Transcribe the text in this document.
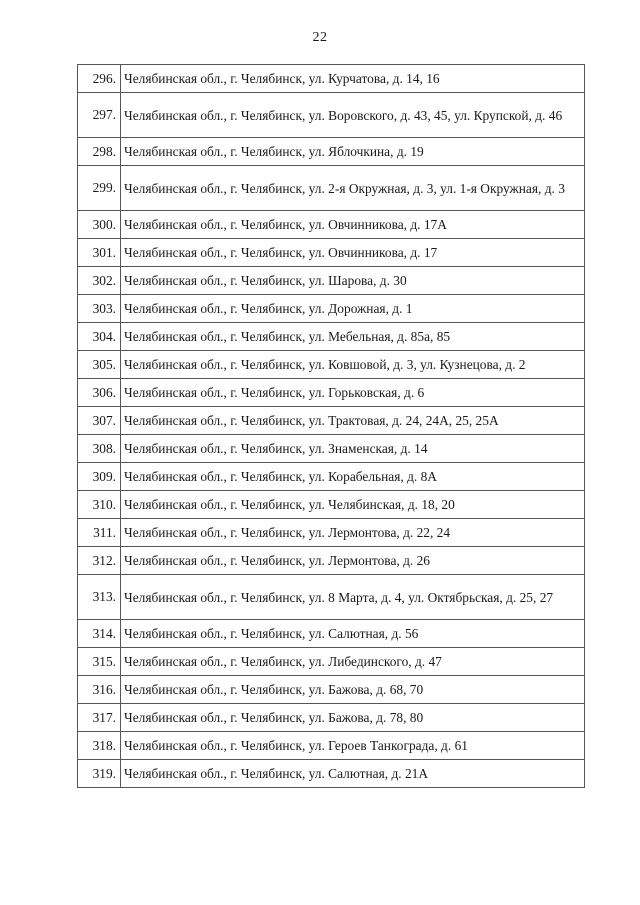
22
296.	Челябинская обл., г. Челябинск, ул. Курчатова, д. 14, 16
297.	Челябинская обл., г. Челябинск, ул. Воровского, д. 43, 45, ул. Крупской, д. 46
298.	Челябинская обл., г. Челябинск, ул. Яблочкина, д. 19
299.	Челябинская обл., г. Челябинск, ул. 2-я Окружная, д. 3, ул. 1-я Окружная, д. 3
300.	Челябинская обл., г. Челябинск, ул. Овчинникова, д. 17А
301.	Челябинская обл., г. Челябинск, ул. Овчинникова, д. 17
302.	Челябинская обл., г. Челябинск, ул. Шарова, д. 30
303.	Челябинская обл., г. Челябинск, ул. Дорожная, д. 1
304.	Челябинская обл., г. Челябинск, ул. Мебельная, д. 85а, 85
305.	Челябинская обл., г. Челябинск, ул. Ковшовой, д. 3, ул. Кузнецова, д. 2
306.	Челябинская обл., г. Челябинск, ул. Горьковская, д. 6
307.	Челябинская обл., г. Челябинск, ул. Трактовая, д. 24, 24А, 25, 25А
308.	Челябинская обл., г. Челябинск, ул. Знаменская, д. 14
309.	Челябинская обл., г. Челябинск, ул. Корабельная, д. 8А
310.	Челябинская обл., г. Челябинск, ул. Челябинская, д. 18, 20
311.	Челябинская обл., г. Челябинск, ул. Лермонтова, д. 22, 24
312.	Челябинская обл., г. Челябинск, ул. Лермонтова, д. 26
313.	Челябинская обл., г. Челябинск, ул. 8 Марта, д. 4, ул. Октябрьская, д. 25, 27
314.	Челябинская обл., г. Челябинск, ул. Салютная, д. 56
315.	Челябинская обл., г. Челябинск, ул. Либединского, д. 47
316.	Челябинская обл., г. Челябинск, ул. Бажова, д. 68, 70
317.	Челябинская обл., г. Челябинск, ул. Бажова, д. 78, 80
318.	Челябинская обл., г. Челябинск, ул. Героев Танкограда, д. 61
319.	Челябинская обл., г. Челябинск, ул. Салютная, д. 21А
